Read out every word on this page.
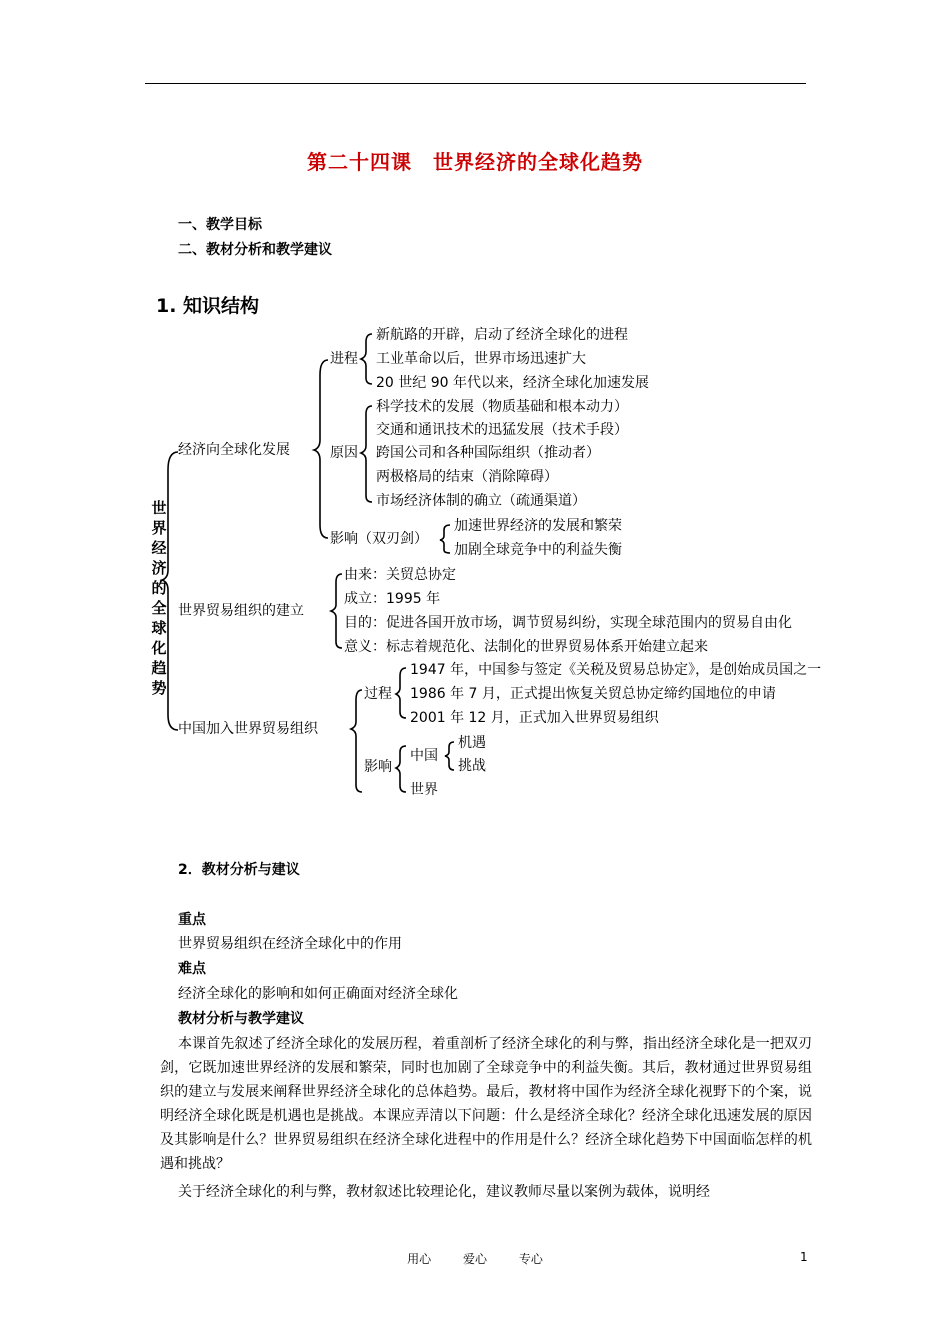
第二十四课　世界经济的全球化趋势
一、教学目标
二、教材分析和教学建议
1. 知识结构
世界经济的全球化趋势
经济向全球化发展
进程
新航路的开辟，启动了经济全球化的进程
工业革命以后，世界市场迅速扩大
20 世纪 90 年代以来，经济全球化加速发展
原因
科学技术的发展（物质基础和根本动力）
交通和通讯技术的迅猛发展（技术手段）
跨国公司和各种国际组织（推动者）
两极格局的结束（消除障碍）
市场经济体制的确立（疏通渠道）
影响（双刃剑）
加速世界经济的发展和繁荣
加剧全球竞争中的利益失衡
世界贸易组织的建立
由来：关贸总协定
成立：1995 年
目的：促进各国开放市场，调节贸易纠纷，实现全球范围内的贸易自由化
意义：标志着规范化、法制化的世界贸易体系开始建立起来
中国加入世界贸易组织
过程
1947 年，中国参与签定《关税及贸易总协定》，是创始成员国之一
1986 年 7 月，正式提出恢复关贸总协定缔约国地位的申请
2001 年 12 月，正式加入世界贸易组织
影响
中国
机遇
挑战
世界
2．教材分析与建议
重点
世界贸易组织在经济全球化中的作用
难点
经济全球化的影响和如何正确面对经济全球化
教材分析与教学建议
本课首先叙述了经济全球化的发展历程，着重剖析了经济全球化的利与弊，指出经济全球化是一把双刃剑，它既加速世界经济的发展和繁荣，同时也加剧了全球竞争中的利益失衡。其后，教材通过世界贸易组织的建立与发展来阐释世界经济全球化的总体趋势。最后，教材将中国作为经济全球化视野下的个案，说明经济全球化既是机遇也是挑战。本课应弄清以下问题：什么是经济全球化？经济全球化迅速发展的原因及其影响是什么？世界贸易组织在经济全球化进程中的作用是什么？经济全球化趋势下中国面临怎样的机遇和挑战？
关于经济全球化的利与弊，教材叙述比较理论化，建议教师尽量以案例为载体，说明经
用心	爱心	专心	1
